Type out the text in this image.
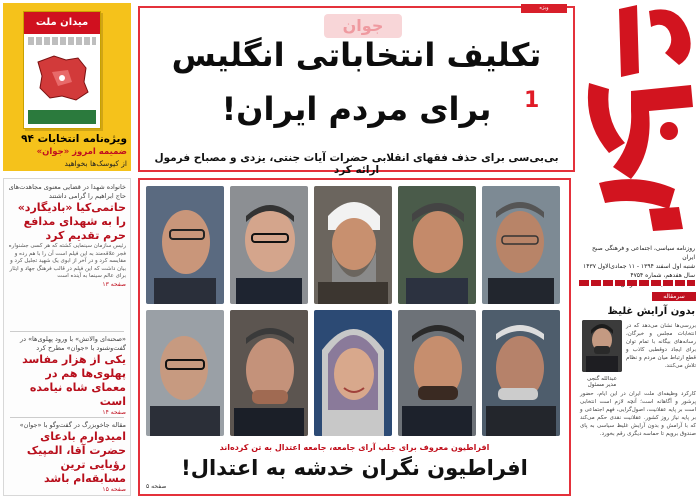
میدان ملت
ویژه‌نامه انتخابات ۹۴
ضمیمه امروز «جوان»
از کیوسک‌ها بخواهید
خانواده شهدا در قضایی معنوی مجاهدت‌های حاج ابراهیم را گرامی داشتند
حاتمی‌کیا «بادیگارد» را به شهدای مدافع حرم تقدیم کرد
رئیس سازمان سینمایی کشته که هر کسی جشنواره فجر علاقه‌مند به این فیلم است آن را با هم رده و مقایسه کرد و در آخر از ابوی یک شهید تجلیل کرد و بیان داشت که این فیلم در قالب فرهنگ جهاد و ایثار برای عالم سینما به آینده است
صفحه ۱۳
«صحنه‌ای والاتش» با ورود پهلوی‌ها» در گفت‌وشنود با «جوان» مطرح کرد
یکی از هزار مفاسد پهلوی‌ها هم در معمای شاه نیامده است
صفحه ۱۴
مقاله جاخوبزرگ در گفت‌وگو با «جوان»
امیدوارم بادعای حضرت آقا، المپیک رؤیایی ترین مسابقه‌ام باشد
صفحه ۱۵
ویژه
جوان
تکلیف انتخاباتی انگلیس
برای مردم ایران!	1
بی‌بی‌سی برای حذف فقهای انقلابی حضرات آیات جنتی، یزدی و مصباح فرمول ارائه کرد
افراطیون معروف برای جلب آرای جامعه، جامعه اعتدال به تن کرده‌اند
افراطیون نگران خدشه به اعتدال!
صفحه ۵
روزنامه سیاسی، اجتماعی و فرهنگی صبح ایران
شنبه اول اسفند ۱۳۹۴ - ۱۱ جمادی‌الاول ۱۴۳۷
سال هفدهم، شماره ۴۷۵۴
سرمقاله
بدون آرایش غلیظ
عبدالله گنجی
مدیر مسئول
بررسی‌ها نشان می‌دهد که در انتخابات مجلس و خبرگان، رسانه‌های بیگانه با تمام توان برای ایجاد دوقطبی کاذب و قطع ارتباط میان مردم و نظام تلاش می‌کنند.
کارکرد وظیفه‌ای ملت ایران در این ایام، حضور پرشور و آگاهانه است؛ آنچه لازم است انتخابی است بر پایه عقلانیت، اصول‌گرایی، فهم اجتماعی و بر پایه نیاز روز کشور. عقلانیت نقدی حکم می‌کند که با آرامش و بدون آرایش غلیظ سیاسی به پای صندوق برویم تا حماسه دیگری رقم بخورد.
